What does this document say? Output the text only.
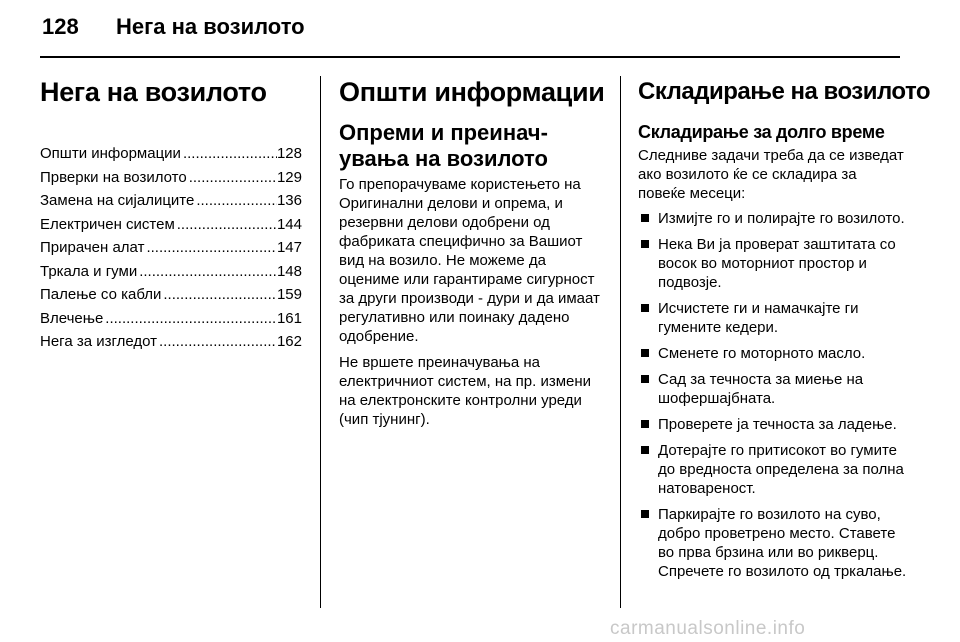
128 Нега на возилото
Нега на возилото
Општи информации .....	128
Прверки на возилото .....	129
Замена на сијалиците .....	136
Електричен систем .....	144
Прирачен алат .....	147
Тркала и гуми .....	148
Палење со кабли .....	159
Влечење .....	161
Нега за изгледот .....	162
Општи информации
Опреми и преиначувања на возилото

Го препорачуваме користењето на Оригинални делови и опрема, и резервни делови одобрени од фабриката специфично за Вашиот вид на возило. Не можеме да оцениме или гарантираме сигурност за други производи - дури и да имаат регулативно или поинаку дадено одобрение.

Не вршете преиначувања на електричниот систем, на пр. измени на електронските контролни уреди (чип тјунинг).

Складирање на возилото
Складирање за долго време

Следниве задачи треба да се изведат ако возилото ќе се складира за повеќе месеци:

Измијте го и полирајте го возилото.
Нека Ви ја проверат заштитата со восок во моторниот простор и подвозје.
Исчистете ги и намачкајте ги гумените кедери.
Сменете го моторното масло.
Сад за течноста за миење на шофершајбната.
Проверете ја течноста за ладење.
Дотерајте го притисокот во гумите до вредноста определена за полна натовареност.
Паркирајте го возилото на суво, добро проветрено место. Ставете во прва брзина или во рикверц. Спречете го возилото од тркалање.
carmanualsonline.info
